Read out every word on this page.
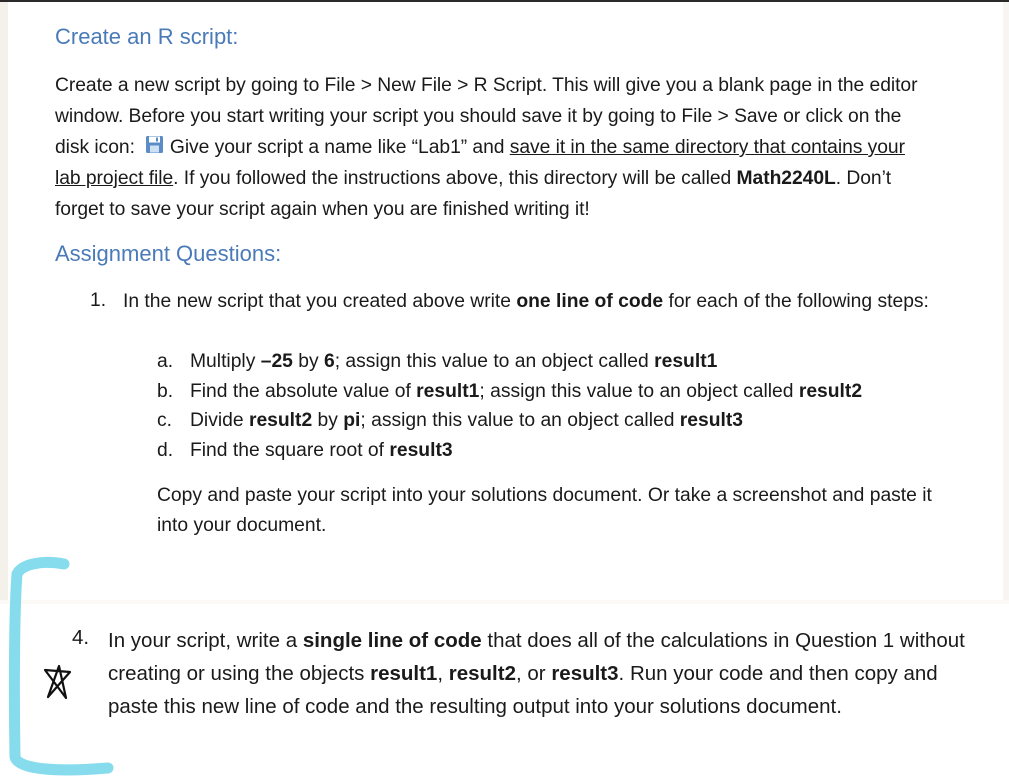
Create an R script:

Create a new script by going to File > New File > R Script. This will give you a blank page in the editor window. Before you start writing your script you should save it by going to File > Save or click on the disk icon: Give your script a name like “Lab1” and save it in the same directory that contains your lab project file. If you followed the instructions above, this directory will be called Math2240L. Don’t forget to save your script again when you are finished writing it!

Assignment Questions:
1. In the new script that you created above write one line of code for each of the following steps:
a. Multiply –25 by 6; assign this value to an object called result1
b. Find the absolute value of result1; assign this value to an object called result2
c. Divide result2 by pi; assign this value to an object called result3
d. Find the square root of result3

Copy and paste your script into your solutions document. Or take a screenshot and paste it into your document.

4. In your script, write a single line of code that does all of the calculations in Question 1 without creating or using the objects result1, result2, or result3. Run your code and then copy and paste this new line of code and the resulting output into your solutions document.
